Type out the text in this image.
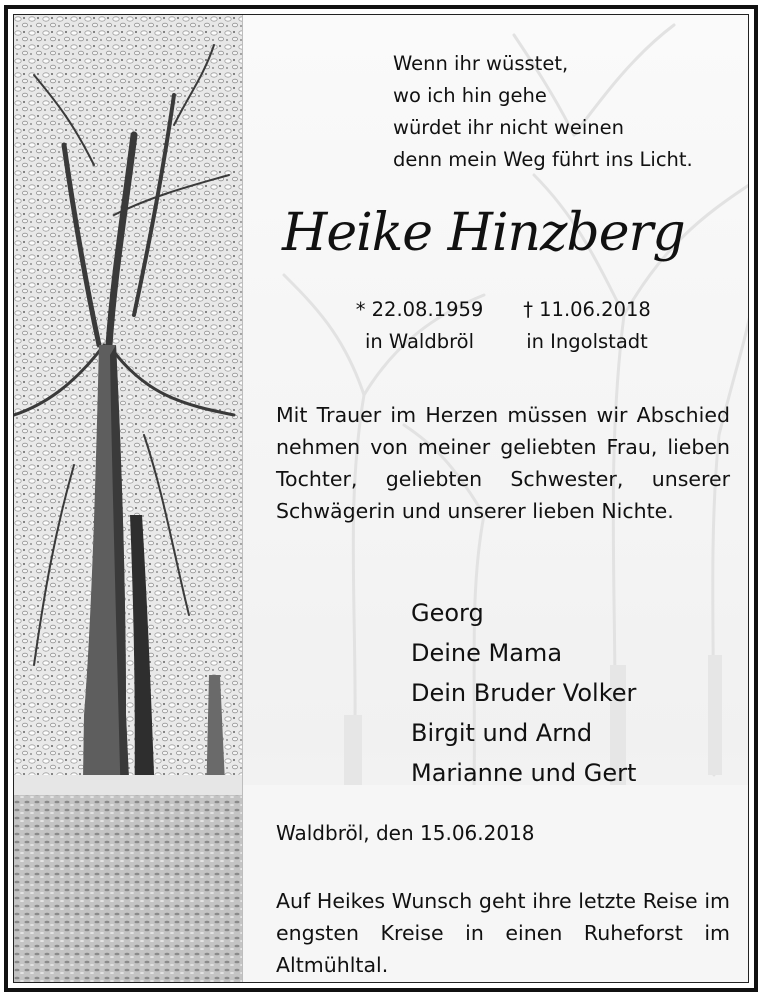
Wenn ihr wüsstet,
wo ich hin gehe
würdet ihr nicht weinen
denn mein Weg führt ins Licht.
Heike Hinzberg
* 22.08.1959
in Waldbröl
† 11.06.2018
in Ingolstadt
Mit Trauer im Herzen müssen wir Abschied nehmen von meiner geliebten Frau, lieben Tochter, geliebten Schwester, unserer Schwägerin und unserer lieben Nichte.
Georg
Deine Mama
Dein Bruder Volker
Birgit und Arnd
Marianne und Gert
Waldbröl, den 15.06.2018
Auf Heikes Wunsch geht ihre letzte Reise im engsten Kreise in einen Ruheforst im Altmühltal.
